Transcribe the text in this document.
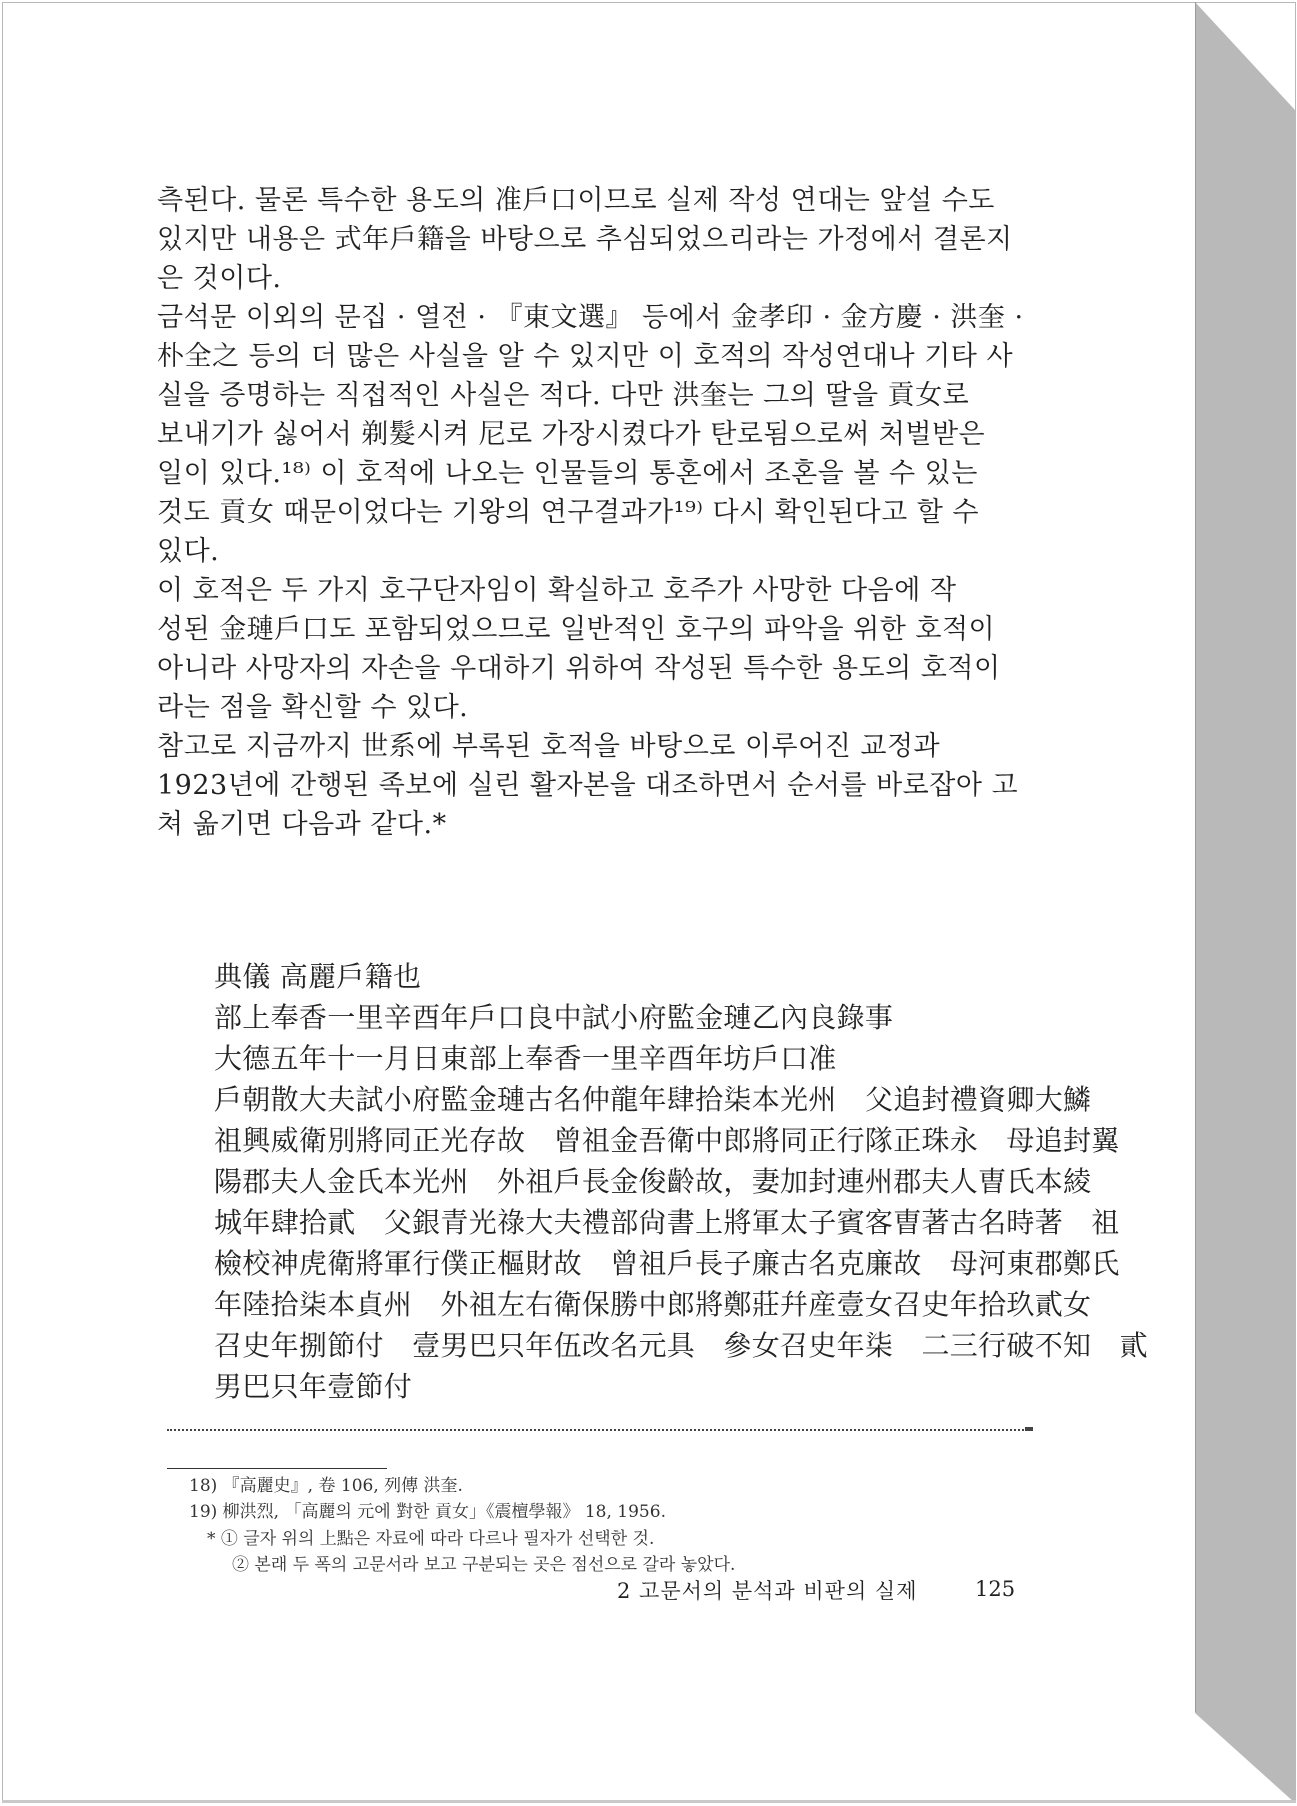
측된다. 물론 특수한 용도의 准戶口이므로 실제 작성 연대는 앞설 수도
있지만 내용은 式年戶籍을 바탕으로 추심되었으리라는 가정에서 결론지
은 것이다.
금석문 이외의 문집 · 열전 · 『東文選』 등에서 金孝印 · 金方慶 · 洪奎 ·
朴全之 등의 더 많은 사실을 알 수 있지만 이 호적의 작성연대나 기타 사
실을 증명하는 직접적인 사실은 적다. 다만 洪奎는 그의 딸을 貢女로
보내기가 싫어서 剃髮시켜 尼로 가장시켰다가 탄로됨으로써 처벌받은
일이 있다.¹⁸⁾ 이 호적에 나오는 인물들의 통혼에서 조혼을 볼 수 있는
것도 貢女 때문이었다는 기왕의 연구결과가¹⁹⁾ 다시 확인된다고 할 수
있다.
이 호적은 두 가지 호구단자임이 확실하고 호주가 사망한 다음에 작
성된 金璉戶口도 포함되었으므로 일반적인 호구의 파악을 위한 호적이
아니라 사망자의 자손을 우대하기 위하여 작성된 특수한 용도의 호적이
라는 점을 확신할 수 있다.
참고로 지금까지 世系에 부록된 호적을 바탕으로 이루어진 교정과
1923년에 간행된 족보에 실린 활자본을 대조하면서 순서를 바로잡아 고
쳐 옮기면 다음과 같다.*
典儀 高麗戶籍也
部上奉香一里辛酉年戶口良中試小府監金璉乙內良錄事
大德五年十一月日東部上奉香一里辛酉年坊戶口准
戶朝散大夫試小府監金璉古名仲龍年肆拾柒本光州　父追封禮資卿大鱗
祖興威衛別將同正光存故　曾祖金吾衛中郎將同正行隊正珠永　母追封翼
陽郡夫人金氏本光州　外祖戶長金俊齡故，妻加封連州郡夫人曺氏本綾
城年肆拾貳　父銀青光祿大夫禮部尙書上將軍太子賓客曺著古名時著　祖
檢校神虎衛將軍行僕正樞財故　曾祖戶長子廉古名克廉故　母河東郡鄭氏
年陸拾柒本貞州　外祖左右衛保勝中郎將鄭莊幷産壹女召史年拾玖貳女
召史年捌節付　壹男巴只年伍改名元具　參女召史年柒　二三行破不知　貳
男巴只年壹節付
18) 『高麗史』, 卷 106, 列傳 洪奎.
19) 柳洪烈, 「高麗의 元에 對한 貢女」《震檀學報》 18, 1956.
* ① 글자 위의 上點은 자료에 따라 다르나 필자가 선택한 것.
② 본래 두 폭의 고문서라 보고 구분되는 곳은 점선으로 갈라 놓았다.
2 고문서의 분석과 비판의 실제	125
